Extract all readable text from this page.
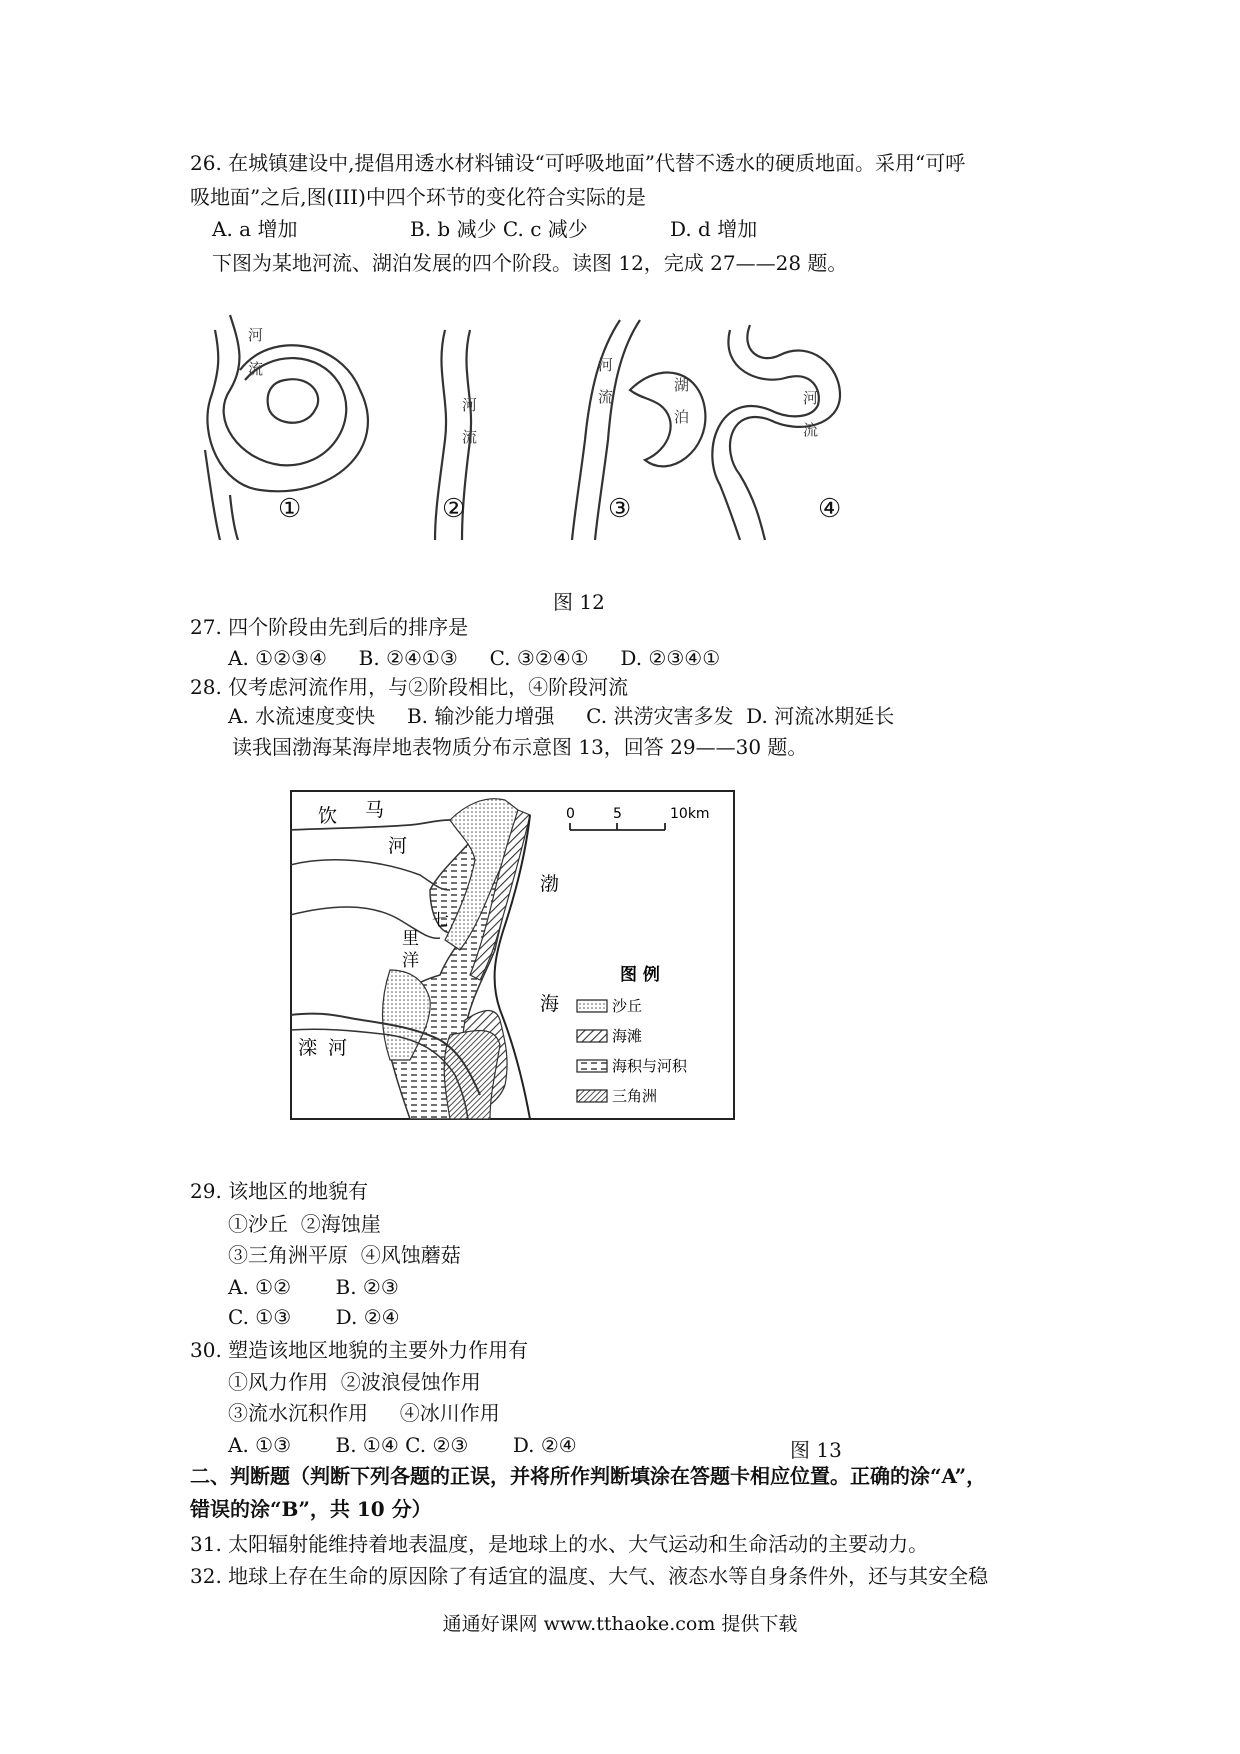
26. 在城镇建设中,提倡用透水材料铺设“可呼吸地面”代替不透水的硬质地面。采用“可呼
吸地面”之后,图(III)中四个环节的变化符合实际的是
A. a 增加	B. b 减少 C. c 减少	D. d 增加
下图为某地河流、湖泊发展的四个阶段。读图 12，完成 27——28 题。
河
流
河
流
河
流
湖
泊
河
流
①	②	③	④
图 12
27. 四个阶段由先到后的排序是
A. ①②③④     B. ②④①③     C. ③②④①     D. ②③④①
28. 仅考虑河流作用，与②阶段相比，④阶段河流
A. 水流速度变快     B. 输沙能力增强     C. 洪涝灾害多发  D. 河流冰期延长
读我国渤海某海岸地表物质分布示意图 13，回答 29——30 题。
饮 马
河
七
里
洋
滦 河
渤
海
0	5	10km
图 例
沙丘
海滩
海积与河积
三角洲
29. 该地区的地貌有
①沙丘  ②海蚀崖
③三角洲平原  ④风蚀蘑菇
A. ①②       B. ②③
C. ①③       D. ②④
30. 塑造该地区地貌的主要外力作用有
①风力作用  ②波浪侵蚀作用
③流水沉积作用     ④冰川作用
A. ①③       B. ①④ C. ②③       D. ②④	图 13
二、判断题（判断下列各题的正误，并将所作判断填涂在答题卡相应位置。正确的涂“A”，
错误的涂“B”，共 10 分）
31. 太阳辐射能维持着地表温度，是地球上的水、大气运动和生命活动的主要动力。
32. 地球上存在生命的原因除了有适宜的温度、大气、液态水等自身条件外，还与其安全稳
通通好课网 www.tthaoke.com 提供下载
